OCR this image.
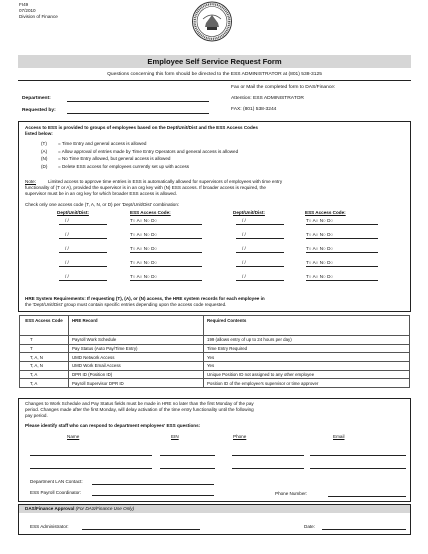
FI49
07/2010
Division of Finance
Employee Self Service Request Form
Questions concerning this form should be directed to the ESS ADMINISTRATOR at (801) 538-3125
Department:
Requested by:
Fax or Mail the completed form to DAS/Finance:
Attention: ESS ADMINISTRATOR
FAX: (801) 538-3244
Access to ESS is provided to groups of employees based on the Dept/Unit/Dist and the ESS Access Codes
listed below:
(T) = Time Entry and general access is allowed
(A) = Allow approval of entries made by Time Entry Operators and general access is allowed
(N) = No Time Entry allowed, but general access is allowed
(D) = Delete ESS access for employees currently set up with access
Note:	Limited access to approve time entries in ESS is automatically allowed for supervisors of employees with time entry
functionality of (T or A), provided the supervisor is in an org key with (N) ESS access. If broader access is required, the
supervisor must be in an org key for which broader ESS access is allowed.
Check only one access code (T, A, N, or D) per 'Dept/Unit/Dist' combination:
Dept/Unit/Dist:	ESS Access Code:	Dept/Unit/Dist:	ESS Access Code:
/ /	T○ A○ N○ D○	/ /	T○ A○ N○ D○
/ /	T○ A○ N○ D○	/ /	T○ A○ N○ D○
/ /	T○ A○ N○ D○	/ /	T○ A○ N○ D○
/ /	T○ A○ N○ D○	/ /	T○ A○ N○ D○
/ /	T○ A○ N○ D○	/ /	T○ A○ N○ D○
HRE System Requirements: If requesting (T), (A), or (N) access, the HRE system records for each employee in
the 'Dept/Unit/Dist' group must contain specific entries depending upon the access code requested.
ESS Access Code	HRE Record	Required Contents
T	Payroll Work Schedule	199 (allows entry of up to 24 hours per day)
T	Pay Status (Auto Pay/Time Entry)	Time Entry Required
T, A, N	UMD Network Access	Yes
T, A, N	UMD Work Email Access	Yes
T, A	DPR ID (Position ID)	Unique Position ID not assigned to any other employee
T, A	Payroll Supervisor DPR ID	Position ID of the employee's supervisor or time approver
Changes to Work Schedule and Pay Status fields must be made in HRE no later than the first Monday of the pay
period. Changes made after the first Monday, will delay activation of the time entry functionality until the following
pay period.
Please identify staff who can respond to department employees' ESS questions:
Name	EIN	Phone	Email
Department LAN Contact:
ESS Payroll Coordinator:	Phone Number:
DAS/Finance Approval (For DAS/Finance Use Only)
ESS Administrator:	Date:
